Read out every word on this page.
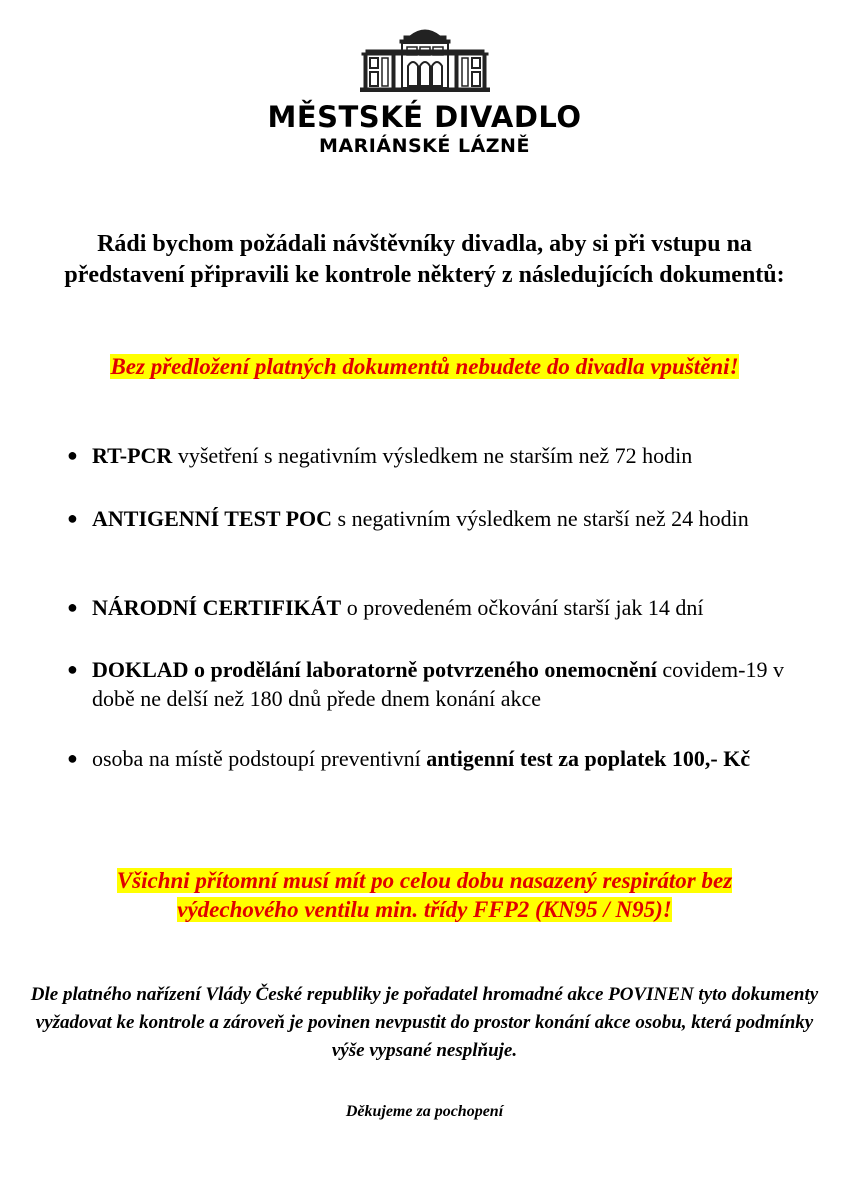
MĚSTSKÉ DIVADLO
MARIÁNSKÉ LÁZNĚ
Rádi bychom požádali návštěvníky divadla, aby si při vstupu na představení připravili ke kontrole některý z následujících dokumentů:
Bez předložení platných dokumentů nebudete do divadla vpuštěni!
● RT-PCR vyšetření s negativním výsledkem ne starším než 72 hodin
● ANTIGENNÍ TEST POC s negativním výsledkem ne starší než 24 hodin
● NÁRODNÍ CERTIFIKÁT o provedeném očkování starší jak 14 dní
● DOKLAD o prodělání laboratorně potvrzeného onemocnění covidem-19 v době ne delší než 180 dnů přede dnem konání akce
● osoba na místě podstoupí preventivní antigenní test za poplatek 100,- Kč
Všichni přítomní musí mít po celou dobu nasazený respirátor bez
výdechového ventilu min. třídy FFP2 (KN95 / N95)!
Dle platného nařízení Vlády České republiky je pořadatel hromadné akce POVINEN tyto dokumenty vyžadovat ke kontrole a zároveň je povinen nevpustit do prostor konání akce osobu, která podmínky výše vypsané nesplňuje.
Děkujeme za pochopení
